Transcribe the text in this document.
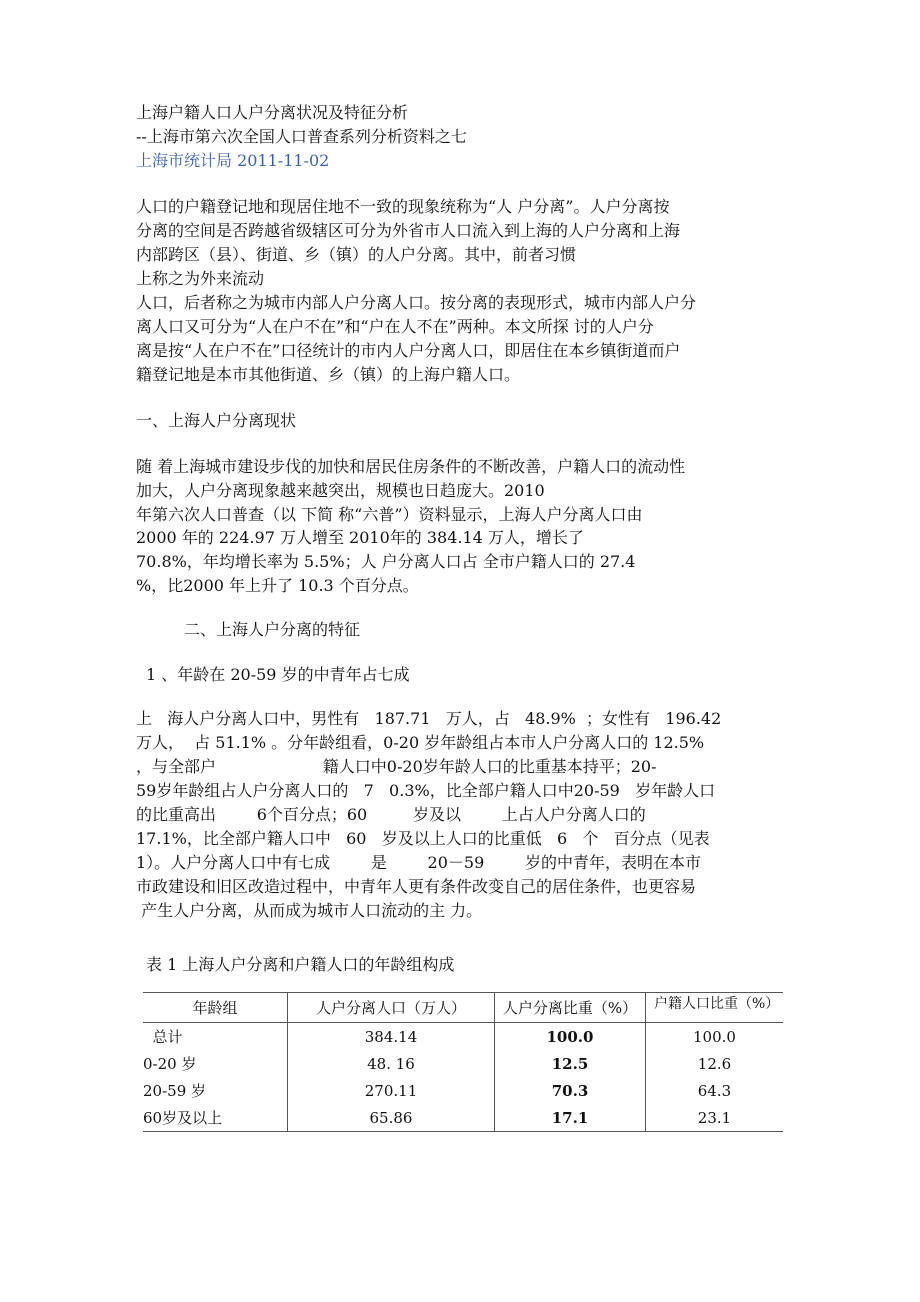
上海户籍人口人户分离状况及特征分析
--上海市第六次全国人口普查系列分析资料之七
上海市统计局 2011-11-02
人口的户籍登记地和现居住地不一致的现象统称为“人 户分离”。人户分离按
分离的空间是否跨越省级辖区可分为外省市人口流入到上海的人户分离和上海
内部跨区（县）、街道、乡（镇）的人户分离。其中，前者习惯
上称之为外来流动
人口，后者称之为城市内部人户分离人口。按分离的表现形式，城市内部人户分
离人口又可分为“人在户不在”和“户在人不在”两种。本文所探 讨的人户分
离是按“人在户不在”口径统计的市内人户分离人口，即居住在本乡镇街道而户
籍登记地是本市其他街道、乡（镇）的上海户籍人口。
一、上海人户分离现状
随 着上海城市建设步伐的加快和居民住房条件的不断改善，户籍人口的流动性
加大，人户分离现象越来越突出，规模也日趋庞大。2010
年第六次人口普查（以 下简 称“六普”）资料显示，上海人户分离人口由
2000 年的 224.97 万人增至 2010年的 384.14 万人，增长了
70.8%，年均增长率为 5.5%；人 户分离人口占 全市户籍人口的 27.4
%，比2000 年上升了 10.3 个百分点。
二、上海人户分离的特征
1 、年龄在 20-59 岁的中青年占七成
上   海人户分离人口中，男性有   187.71   万人，占   48.9%  ；女性有   196.42
万人，  占 51.1% 。分年龄组看，0-20 岁年龄组占本市人户分离人口的 12.5%
，与全部户                     籍人口中0-20岁年龄人口的比重基本持平；20-
59岁年龄组占人户分离人口的   7   0.3%，比全部户籍人口中20-59   岁年龄人口
的比重高出        6个百分点；60         岁及以        上占人户分离人口的
17.1%，比全部户籍人口中   60   岁及以上人口的比重低   6   个   百分点（见表
1）。人户分离人口中有七成        是        20－59        岁的中青年，表明在本市
市政建设和旧区改造过程中，中青年人更有条件改变自己的居住条件，也更容易
产生人户分离，从而成为城市人口流动的主 力。
表 1 上海人户分离和户籍人口的年龄组构成
年龄组	人户分离人口（万人）	人户分离比重（%）	户籍人口比重（%）
总计	384.14	100.0	100.0
0-20 岁	48. 16	12.5	12.6
20-59 岁	270.11	70.3	64.3
60岁及以上	65.86	17.1	23.1
